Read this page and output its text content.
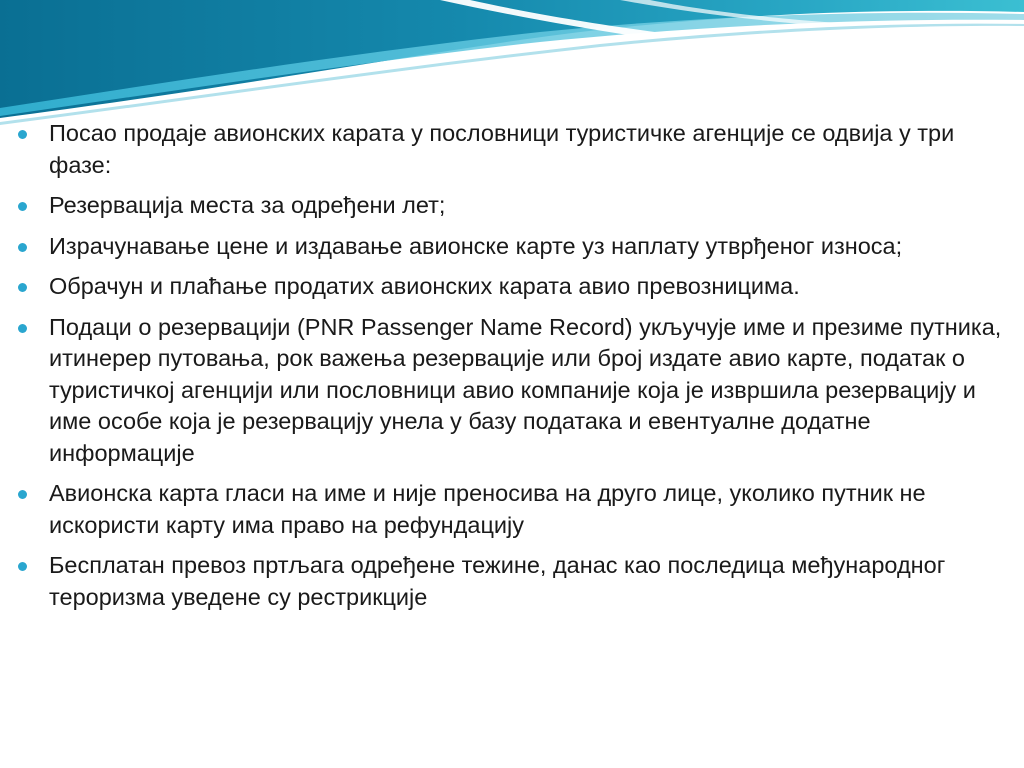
Посао продаје авионских карата у пословници туристичке агенције се одвија у три фазе:
Резервација места за одређени лет;
Израчунавање цене и издавање авионске карте уз наплату утврђеног износа;
Обрачун и плаћање продатих авионских карата авио превозницима.
Подаци о резервацији (PNR Passenger Name Record) укључује име и презиме путника, итинерер путовања, рок важења резервације или број издате авио карте, податак о туристичкој агенцији или пословници авио компаније која је извршила резервацију и име особе која је резервацију унела у базу података и евентуалне додатне информације
Авионска карта гласи на име и није преносива на друго лице, уколико путник не искористи карту има право на рефундацију
Бесплатан превоз пртљага одређене тежине, данас као последица међународног тероризма уведене су рестрикције
